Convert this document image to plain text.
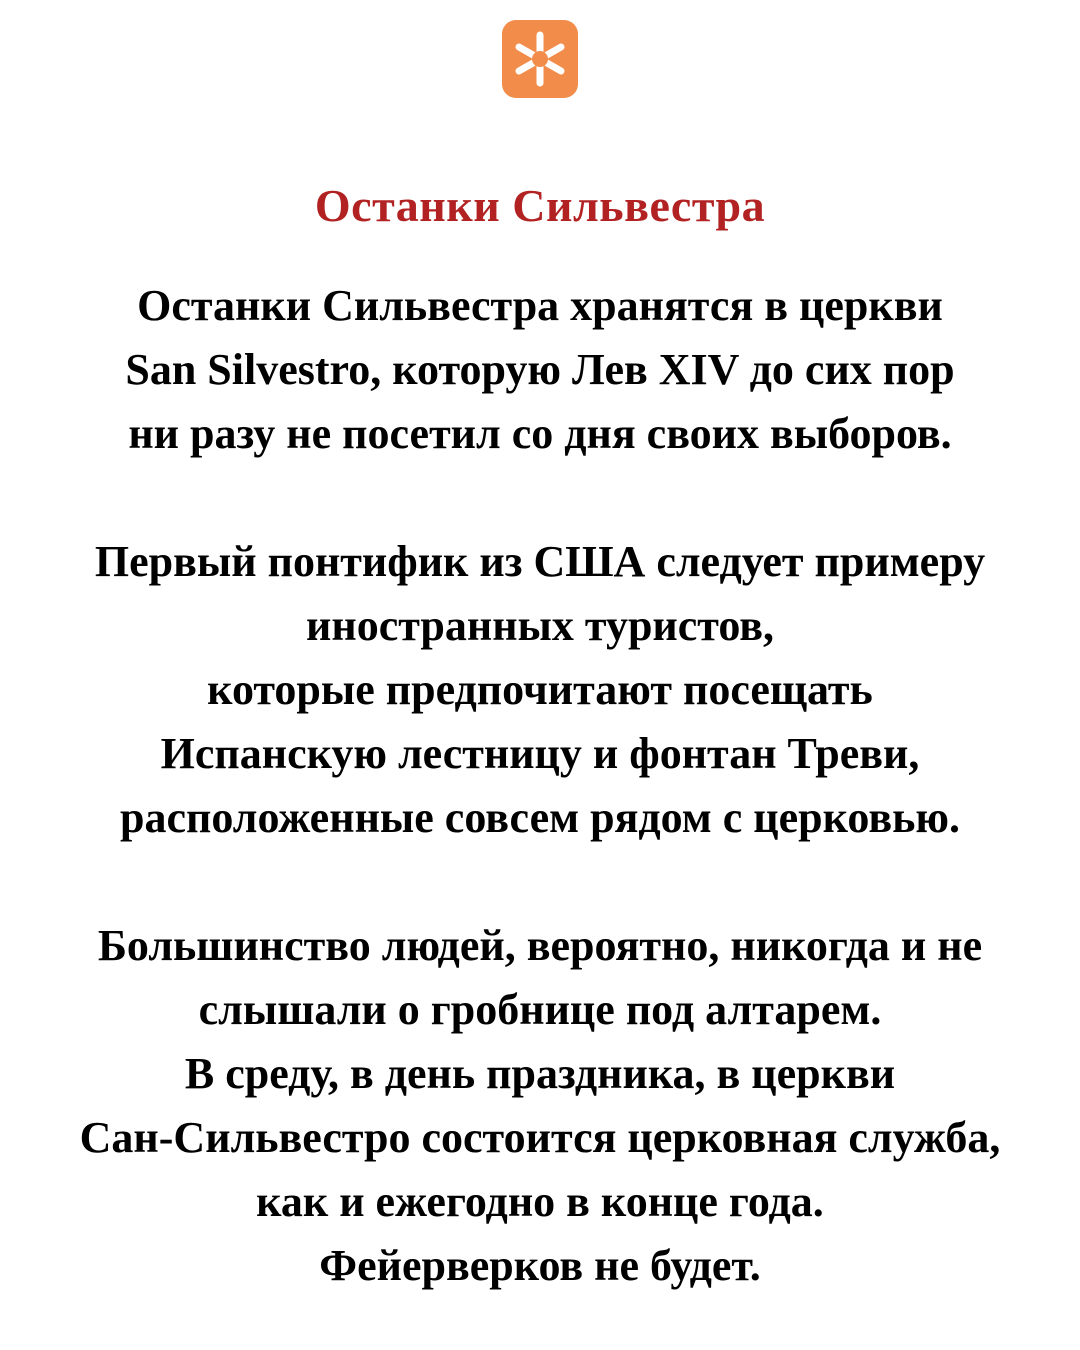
Останки Сильвестра
Останки Сильвестра хранятся в церкви
San Silvestro, которую Лев XIV до сих пор
ни разу не посетил со дня своих выборов.
Первый понтифик из США следует примеру
иностранных туристов,
которые предпочитают посещать
Испанскую лестницу и фонтан Треви,
расположенные совсем рядом с церковью.
Большинство людей, вероятно, никогда и не
слышали о гробнице под алтарем.
В среду, в день праздника, в церкви
Сан-Сильвестро состоится церковная служба,
как и ежегодно в конце года.
Фейерверков не будет.
